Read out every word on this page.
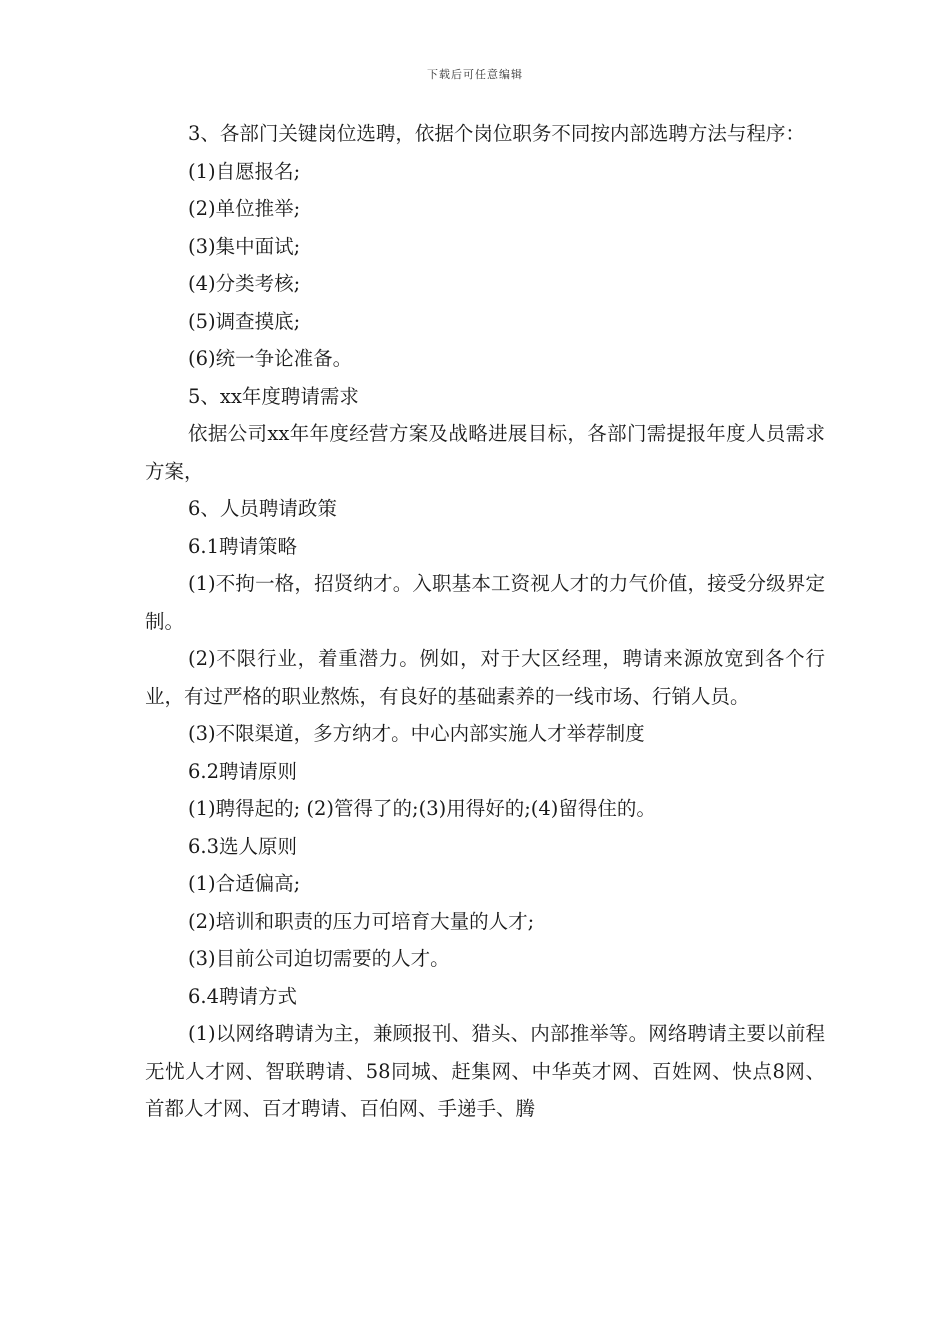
下载后可任意编辑

3、各部门关键岗位选聘，依据个岗位职务不同按内部选聘方法与程序：

(1)自愿报名;

(2)单位推举;

(3)集中面试;

(4)分类考核;

(5)调查摸底;

(6)统一争论准备。

5、xx年度聘请需求

依据公司xx年年度经营方案及战略进展目标，各部门需提报年度人员需求方案，

6、人员聘请政策

6.1聘请策略

(1)不拘一格，招贤纳才。入职基本工资视人才的力气价值，接受分级界定制。

(2)不限行业，着重潜力。例如，对于大区经理，聘请来源放宽到各个行业，有过严格的职业熬炼，有良好的基础素养的一线市场、行销人员。

(3)不限渠道，多方纳才。中心内部实施人才举荐制度

6.2聘请原则

(1)聘得起的; (2)管得了的;(3)用得好的;(4)留得住的。

6.3选人原则

(1)合适偏高;

(2)培训和职责的压力可培育大量的人才;

(3)目前公司迫切需要的人才。

6.4聘请方式

(1)以网络聘请为主，兼顾报刊、猎头、内部推举等。网络聘请主要以前程无忧人才网、智联聘请、58同城、赶集网、中华英才网、百姓网、快点8网、首都人才网、百才聘请、百伯网、手递手、腾
